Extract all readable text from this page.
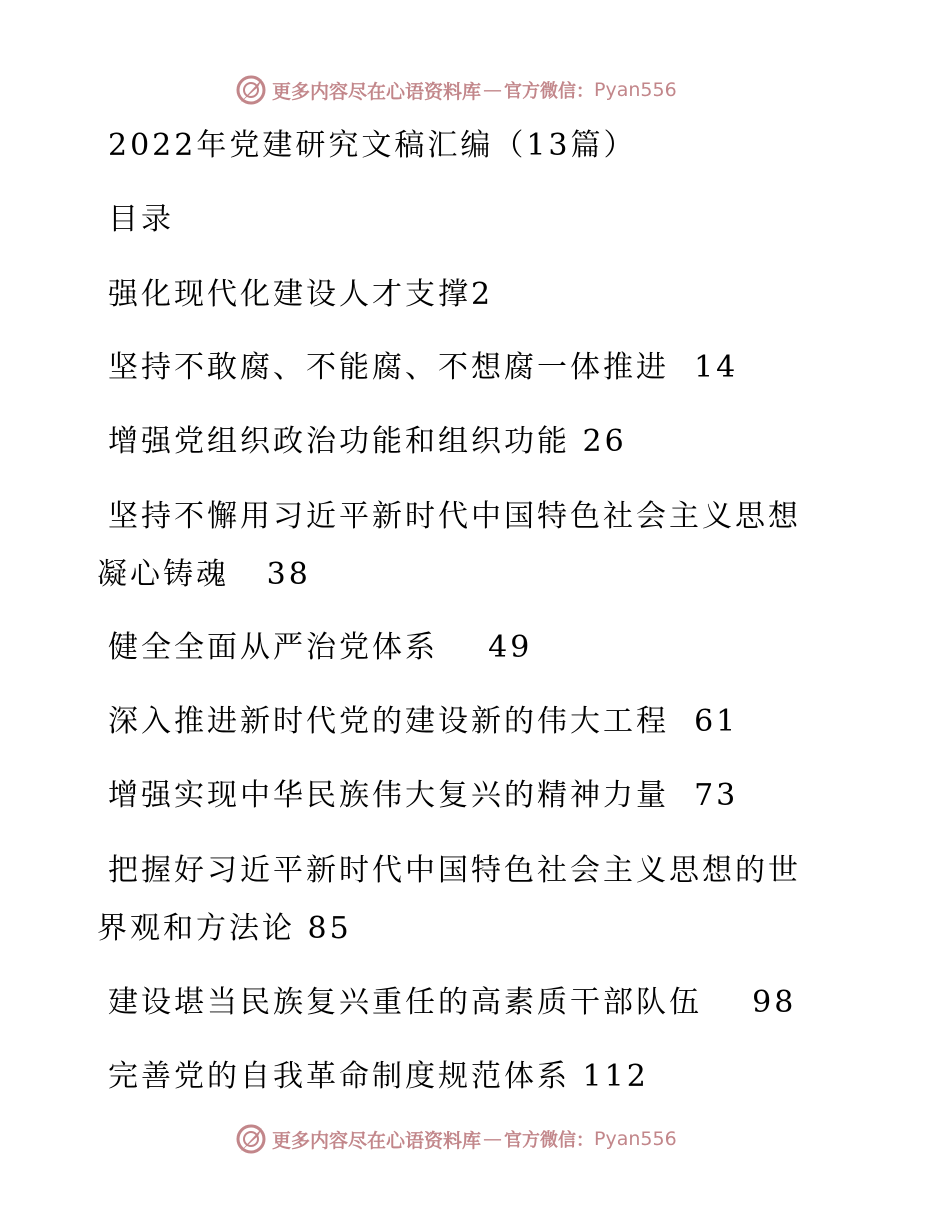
更多内容尽在心语资料库 — 官方微信： Pyan556
2022年党建研究文稿汇编（13篇）
目录
强化现代化建设人才支撑2
坚持不敢腐、不能腐、不想腐一体推进  14
增强党组织政治功能和组织功能 26
坚持不懈用习近平新时代中国特色社会主义思想
凝心铸魂   38
健全全面从严治党体系    49
深入推进新时代党的建设新的伟大工程  61
增强实现中华民族伟大复兴的精神力量  73
把握好习近平新时代中国特色社会主义思想的世
界观和方法论 85
建设堪当民族复兴重任的高素质干部队伍    98
完善党的自我革命制度规范体系 112
更多内容尽在心语资料库 — 官方微信： Pyan556
